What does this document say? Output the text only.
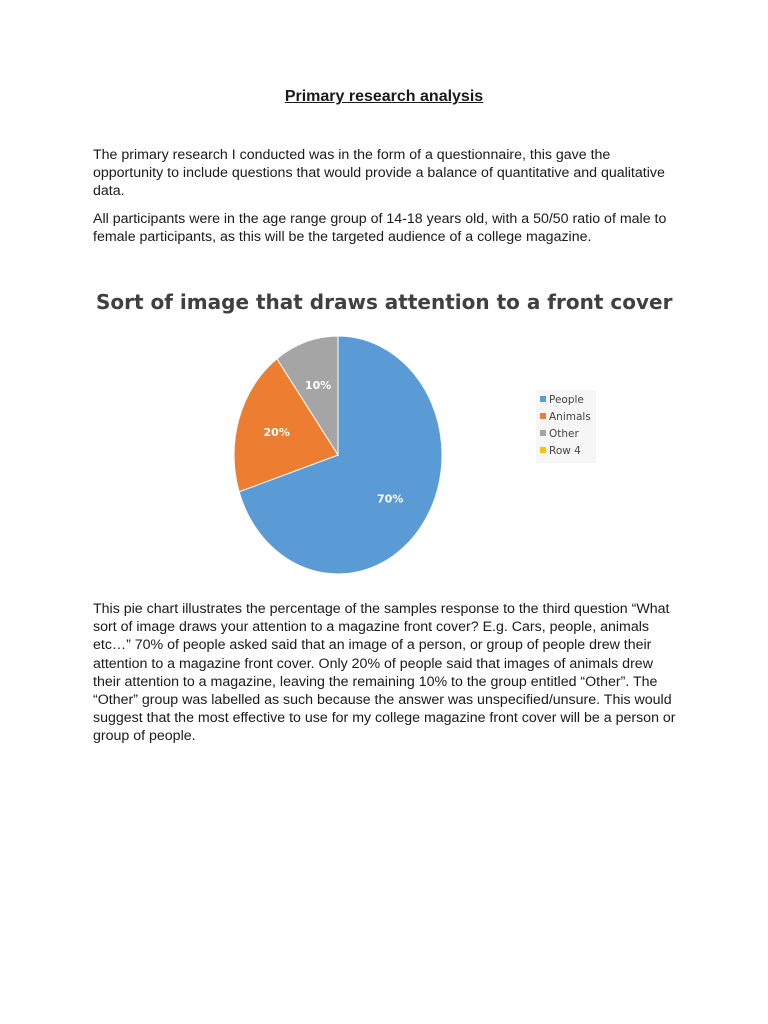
Primary research analysis

The primary research I conducted was in the form of a questionnaire, this gave the opportunity to include questions that would provide a balance of quantitative and qualitative data.

All participants were in the age range group of 14-18 years old, with a 50/50 ratio of male to female participants, as this will be the targeted audience of a college magazine.

Sort of image that draws attention to a front cover
70%
20%
10%
People
Animals
Other
Row 4

This pie chart illustrates the percentage of the samples response to the third question “What sort of image draws your attention to a magazine front cover? E.g. Cars, people, animals etc…” 70% of people asked said that an image of a person, or group of people drew their attention to a magazine front cover. Only 20% of people said that images of animals drew their attention to a magazine, leaving the remaining 10% to the group entitled “Other”. The “Other” group was labelled as such because the answer was unspecified/unsure. This would suggest that the most effective to use for my college magazine front cover will be a person or group of people.
